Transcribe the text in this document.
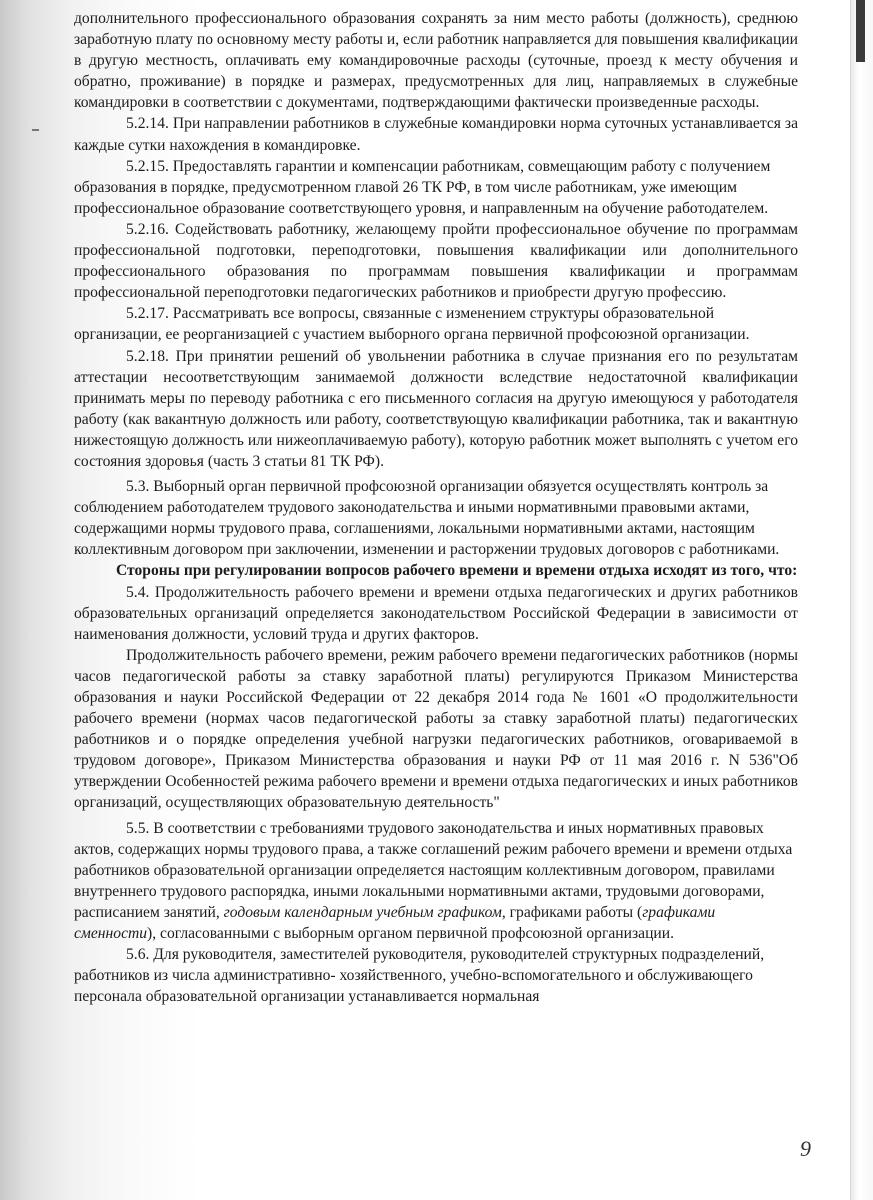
дополнительного профессионального образования сохранять за ним место работы (должность), среднюю заработную плату по основному месту работы и, если работник направляется для повышения квалификации в другую местность, оплачивать ему командировочные расходы (суточные, проезд к месту обучения и обратно, проживание) в порядке и размерах, предусмотренных для лиц, направляемых в служебные командировки в соответствии с документами, подтверждающими фактически произведенные расходы.

5.2.14. При направлении работников в служебные командировки норма суточных устанавливается за каждые сутки нахождения в командировке.

5.2.15. Предоставлять гарантии и компенсации работникам, совмещающим работу с получением образования в порядке, предусмотренном главой 26 ТК РФ, в том числе работникам, уже имеющим профессиональное образование соответствующего уровня, и направленным на обучение работодателем.

5.2.16. Содействовать работнику, желающему пройти профессиональное обучение по программам профессиональной подготовки, переподготовки, повышения квалификации или дополнительного профессионального образования по программам повышения квалификации и программам профессиональной переподготовки педагогических работников и приобрести другую профессию.

5.2.17. Рассматривать все вопросы, связанные с изменением структуры образовательной организации, ее реорганизацией с участием выборного органа первичной профсоюзной организации.

5.2.18. При принятии решений об увольнении работника в случае признания его по результатам аттестации несоответствующим занимаемой должности вследствие недостаточной квалификации принимать меры по переводу работника с его письменного согласия на другую имеющуюся у работодателя работу (как вакантную должность или работу, соответствующую квалификации работника, так и вакантную нижестоящую должность или нижеоплачиваемую работу), которую работник может выполнять с учетом его состояния здоровья (часть 3 статьи 81 ТК РФ).

5.3. Выборный орган первичной профсоюзной организации обязуется осуществлять контроль за соблюдением работодателем трудового законодательства и иными нормативными правовыми актами, содержащими нормы трудового права, соглашениями, локальными нормативными актами, настоящим коллективным договором при заключении, изменении и расторжении трудовых договоров с работниками.

Стороны при регулировании вопросов рабочего времени и времени отдыха исходят из того, что:

5.4. Продолжительность рабочего времени и времени отдыха педагогических и других работников образовательных организаций определяется законодательством Российской Федерации в зависимости от наименования должности, условий труда и других факторов.

Продолжительность рабочего времени, режим рабочего времени педагогических работников (нормы часов педагогической работы за ставку заработной платы) регулируются Приказом Министерства образования и науки Российской Федерации от 22 декабря 2014 года № 1601 «О продолжительности рабочего времени (нормах часов педагогической работы за ставку заработной платы) педагогических работников и о порядке определения учебной нагрузки педагогических работников, оговариваемой в трудовом договоре», Приказом Министерства образования и науки РФ от 11 мая 2016 г. N 536"Об утверждении Особенностей режима рабочего времени и времени отдыха педагогических и иных работников организаций, осуществляющих образовательную деятельность"

5.5. В соответствии с требованиями трудового законодательства и иных нормативных правовых актов, содержащих нормы трудового права, а также соглашений режим рабочего времени и времени отдыха работников образовательной организации определяется настоящим коллективным договором, правилами внутреннего трудового распорядка, иными локальными нормативными актами, трудовыми договорами, расписанием занятий, годовым календарным учебным графиком, графиками работы (графиками сменности), согласованными с выборным органом первичной профсоюзной организации.

5.6. Для руководителя, заместителей руководителя, руководителей структурных подразделений, работников из числа административно- хозяйственного, учебно-вспомогательного и обслуживающего персонала образовательной организации устанавливается нормальная

9
